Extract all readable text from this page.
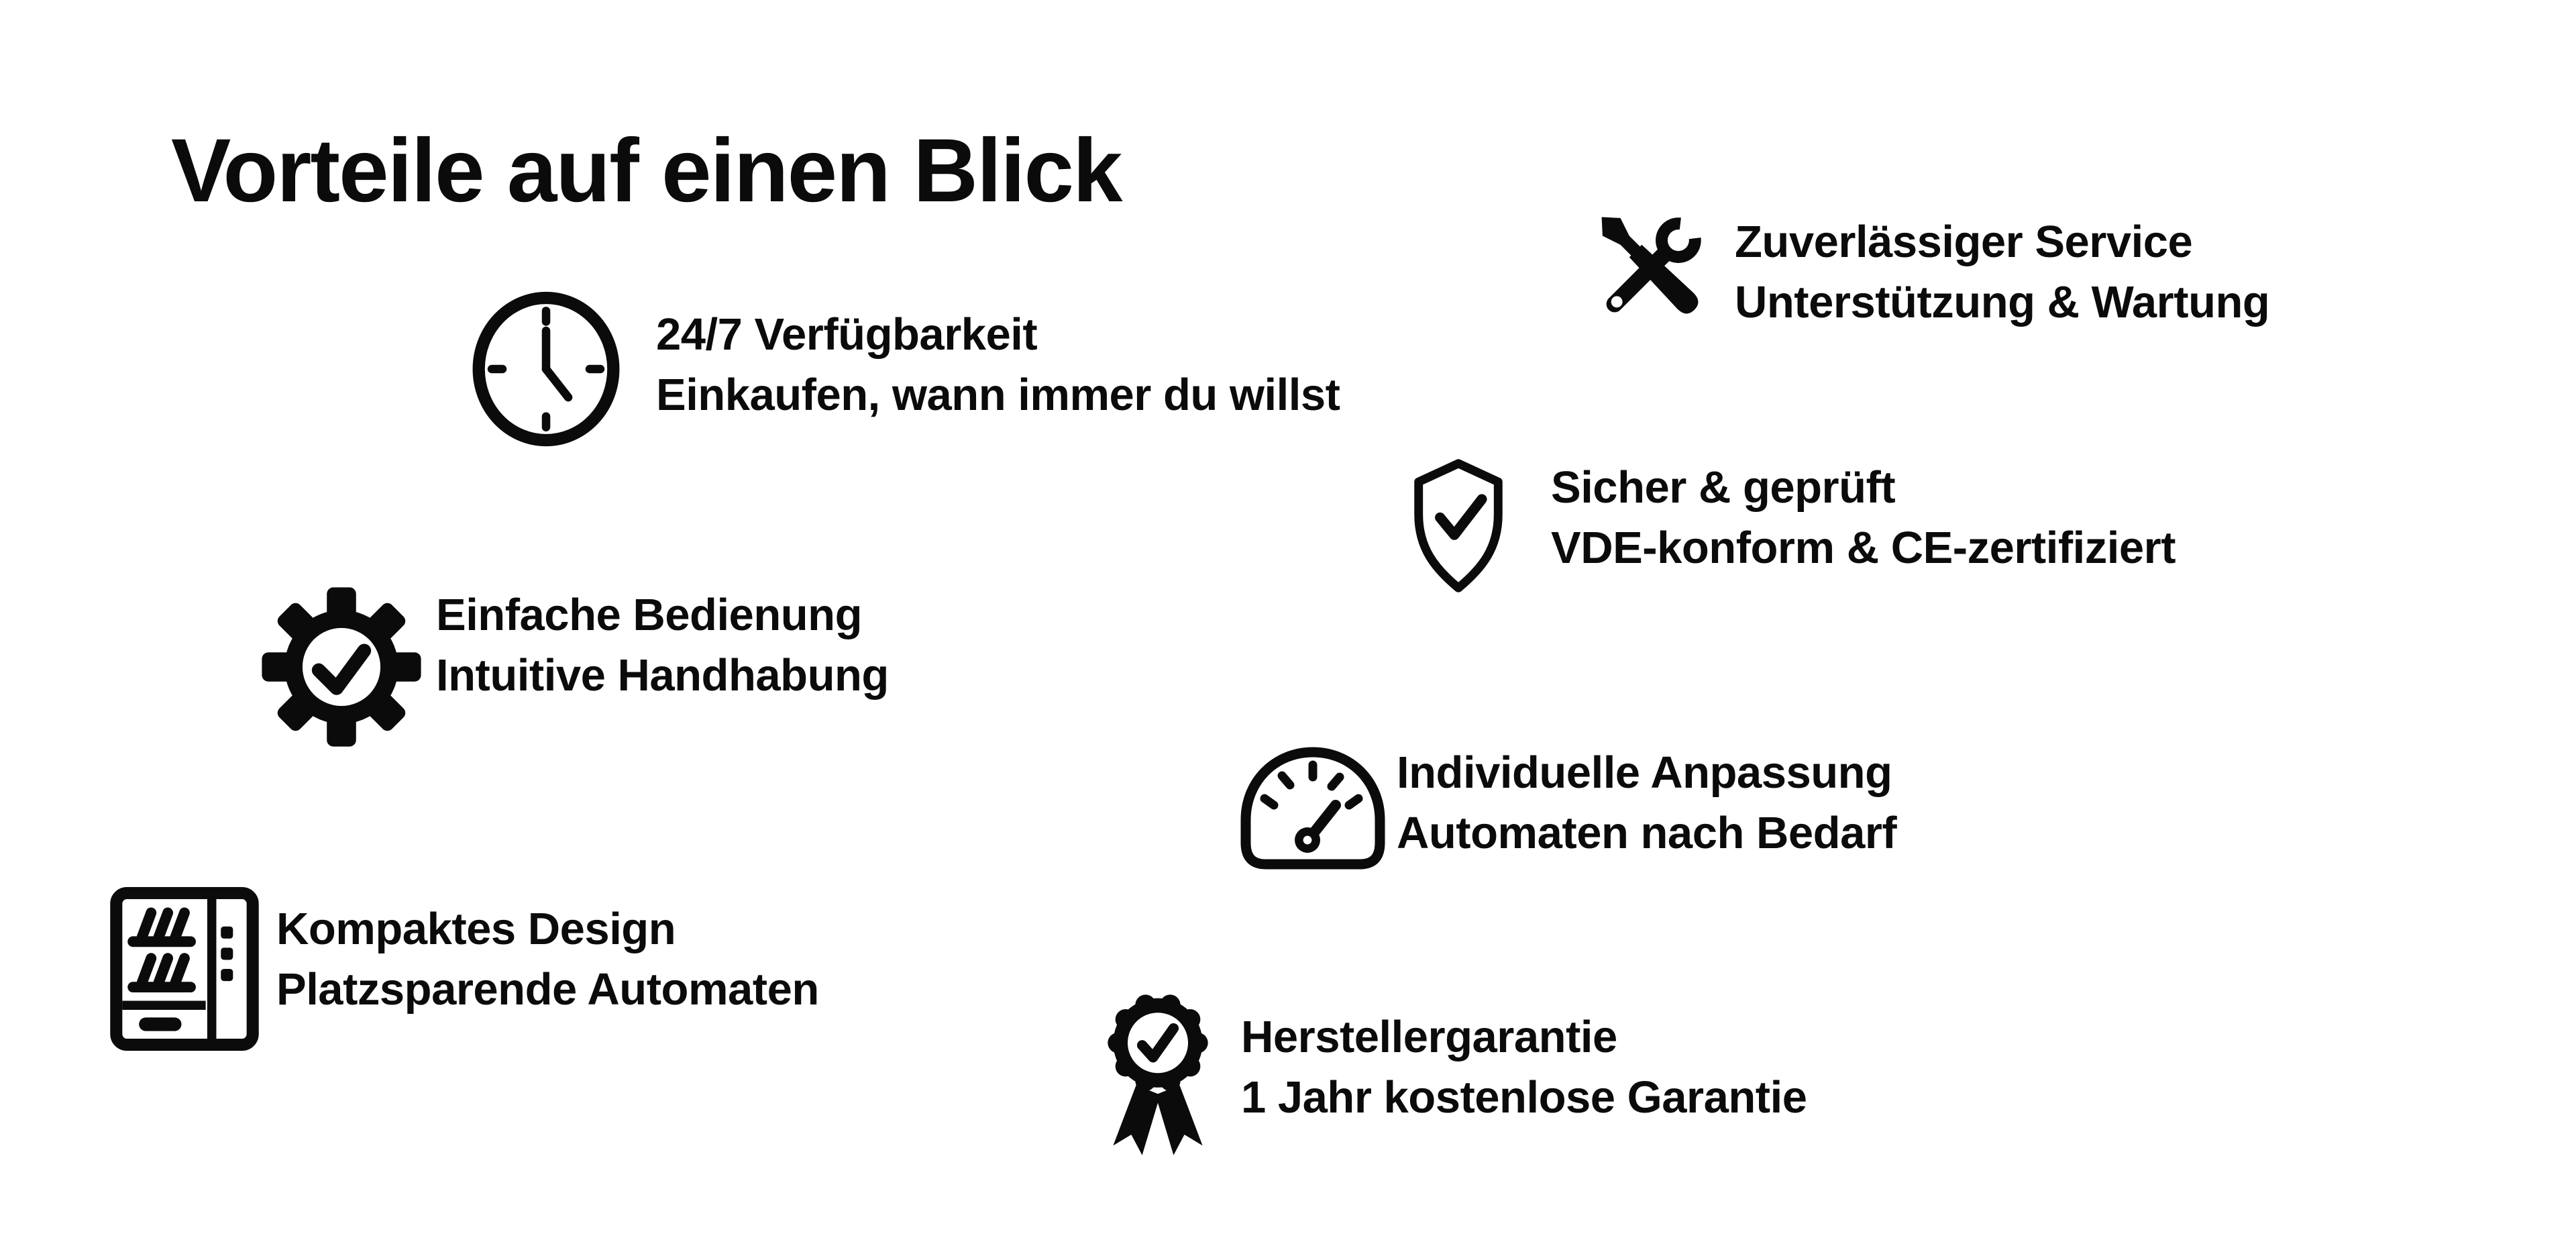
Vorteile auf einen Blick
24/7 Verfügbarkeit
Einkaufen, wann immer du willst
Zuverlässiger Service
Unterstützung & Wartung
Sicher & geprüft
VDE-konform & CE-zertifiziert
Einfache Bedienung
Intuitive Handhabung
Individuelle Anpassung
Automaten nach Bedarf
Kompaktes Design
Platzsparende Automaten
Herstellergarantie
1 Jahr kostenlose Garantie
